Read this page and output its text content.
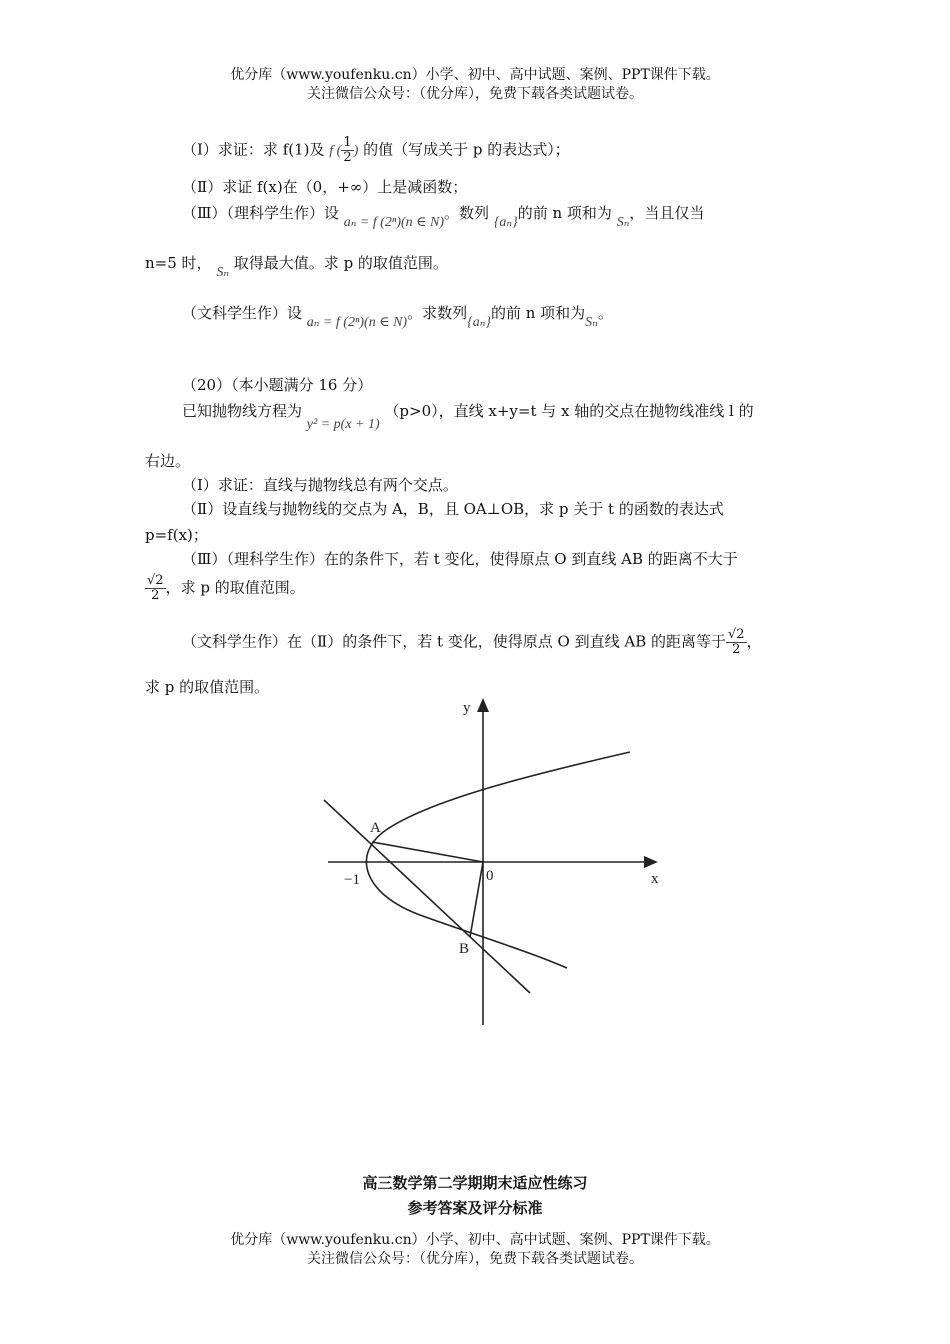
优分库（www.youfenku.cn）小学、初中、高中试题、案例、PPT课件下载。
关注微信公众号：（优分库），免费下载各类试题试卷。
（Ⅰ）求证：求 f(1)及 f ( $\frac{1}{2}$ ) 的值（写成关于 p 的表达式）；
（Ⅱ）求证 f(x)在（0，+∞）上是减函数；
（Ⅲ）（理科学生作）设 aₙ = f (2ⁿ)(n ∈ N)。数列 {aₙ}的前 n 项和为 Sₙ，当且仅当
n=5 时， Sₙ 取得最大值。求 p 的取值范围。
（文科学生作）设 aₙ = f (2ⁿ)(n ∈ N)。求数列{aₙ}的前 n 项和为Sₙ。
（20）（本小题满分 16 分）
已知抛物线方程为 y² = p(x + 1) （p>0），直线 x+y=t 与 x 轴的交点在抛物线准线 l 的
右边。
（Ⅰ）求证：直线与抛物线总有两个交点。
（Ⅱ）设直线与抛物线的交点为 A，B，且 OA⊥OB，求 p 关于 t 的函数的表达式
p=f(x)；
（Ⅲ）（理科学生作）在的条件下，若 t 变化，使得原点 O 到直线 AB 的距离不大于
$\frac{√2}{2}$ ，求 p 的取值范围。
（文科学生作）在（Ⅱ）的条件下，若 t 变化，使得原点 O 到直线 AB 的距离等于 $\frac{√2}{2}$ ，
求 p 的取值范围。
y
x
A
B
0
−1
高三数学第二学期期末适应性练习
参考答案及评分标准
优分库（www.youfenku.cn）小学、初中、高中试题、案例、PPT课件下载。
关注微信公众号：（优分库），免费下载各类试题试卷。
